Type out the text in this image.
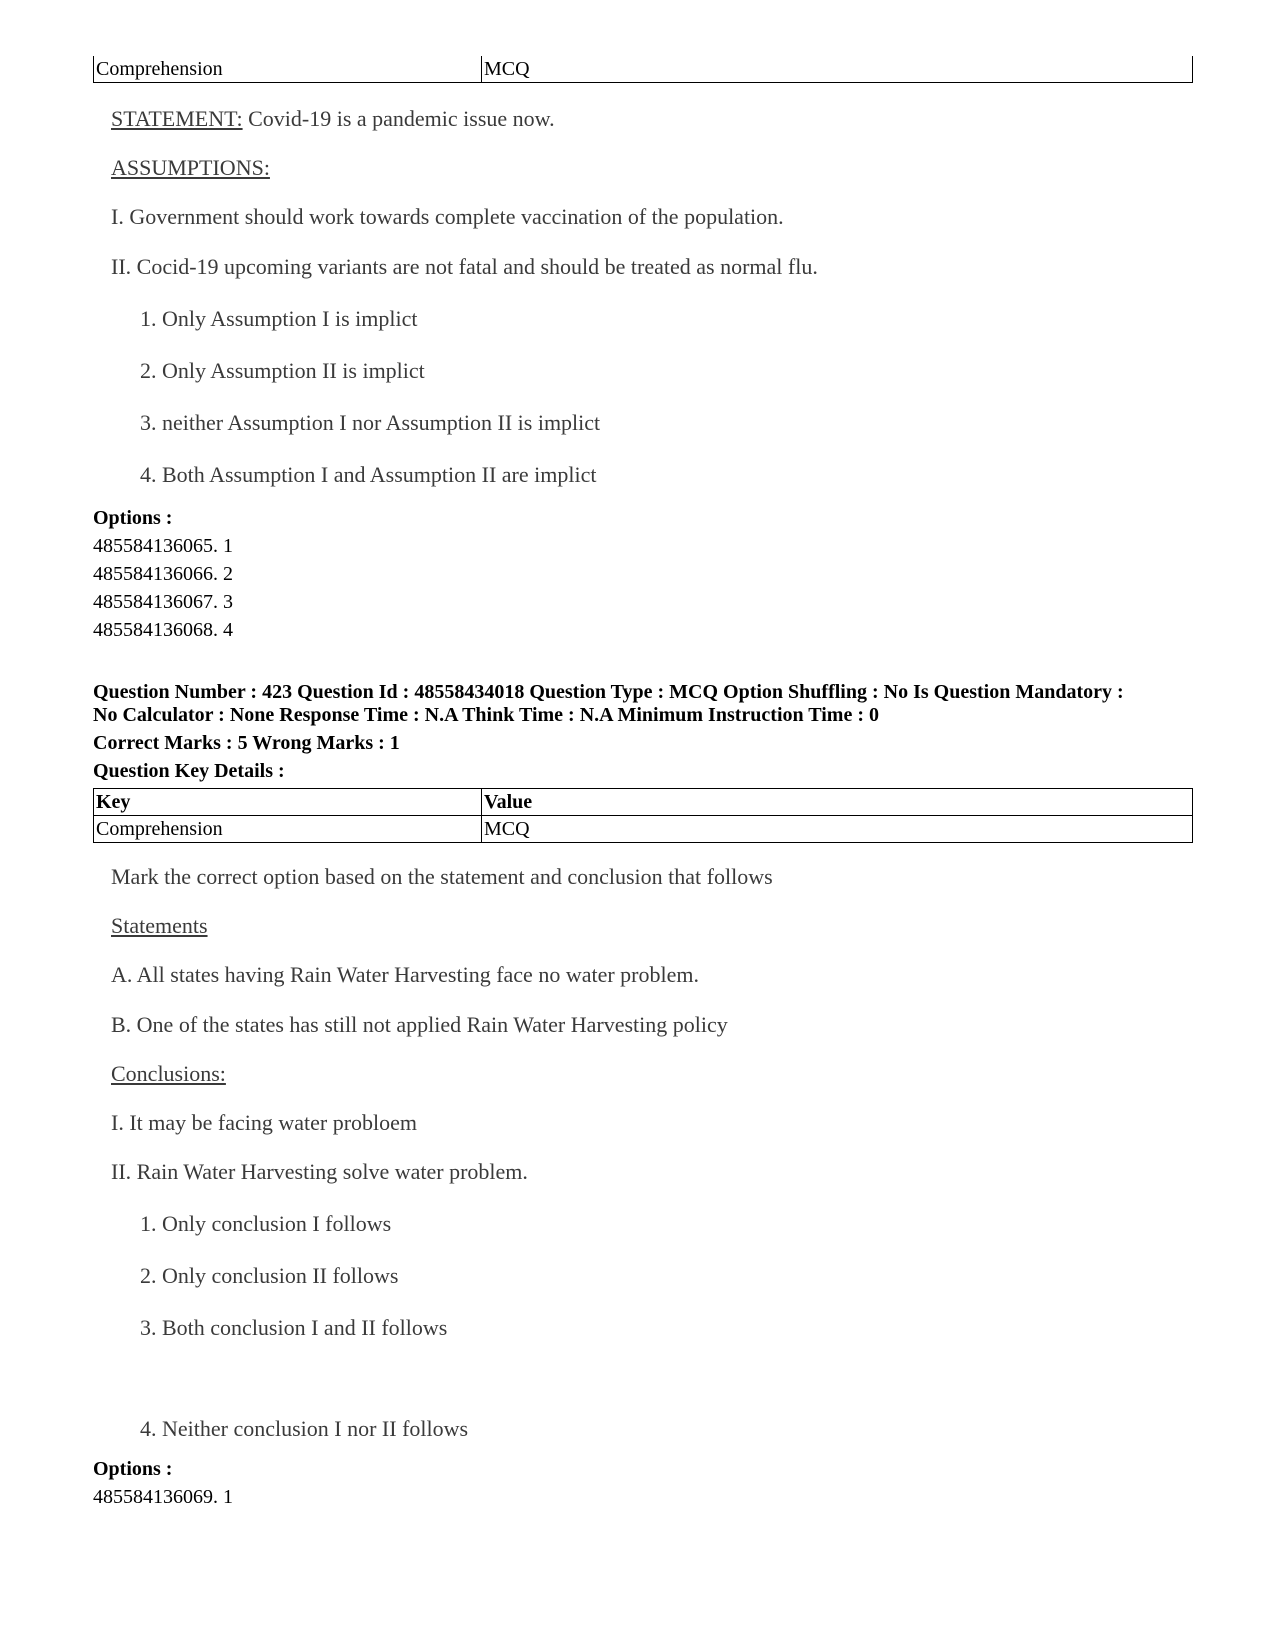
Comprehension	MCQ
STATEMENT: Covid-19 is a pandemic issue now.
ASSUMPTIONS:
I. Government should work towards complete vaccination of the population.
II. Cocid-19 upcoming variants are not fatal and should be treated as normal flu.
1. Only Assumption I is implict
2. Only Assumption II is implict
3. neither Assumption I nor Assumption II is implict
4. Both Assumption I and Assumption II are implict
Options :
485584136065. 1
485584136066. 2
485584136067. 3
485584136068. 4
Question Number : 423 Question Id : 48558434018 Question Type : MCQ Option Shuffling : No Is Question Mandatory :
No Calculator : None Response Time : N.A Think Time : N.A Minimum Instruction Time : 0
Correct Marks : 5 Wrong Marks : 1
Question Key Details :
Key	Value
Comprehension	MCQ
Mark the correct option based on the statement and conclusion that follows
Statements
A. All states having Rain Water Harvesting face no water problem.
B. One of the states has still not applied Rain Water Harvesting policy
Conclusions:
I. It may be facing water probloem
II. Rain Water Harvesting solve water problem.
1. Only conclusion I follows
2. Only conclusion II follows
3. Both conclusion I and II follows
4. Neither conclusion I nor II follows
Options :
485584136069. 1
